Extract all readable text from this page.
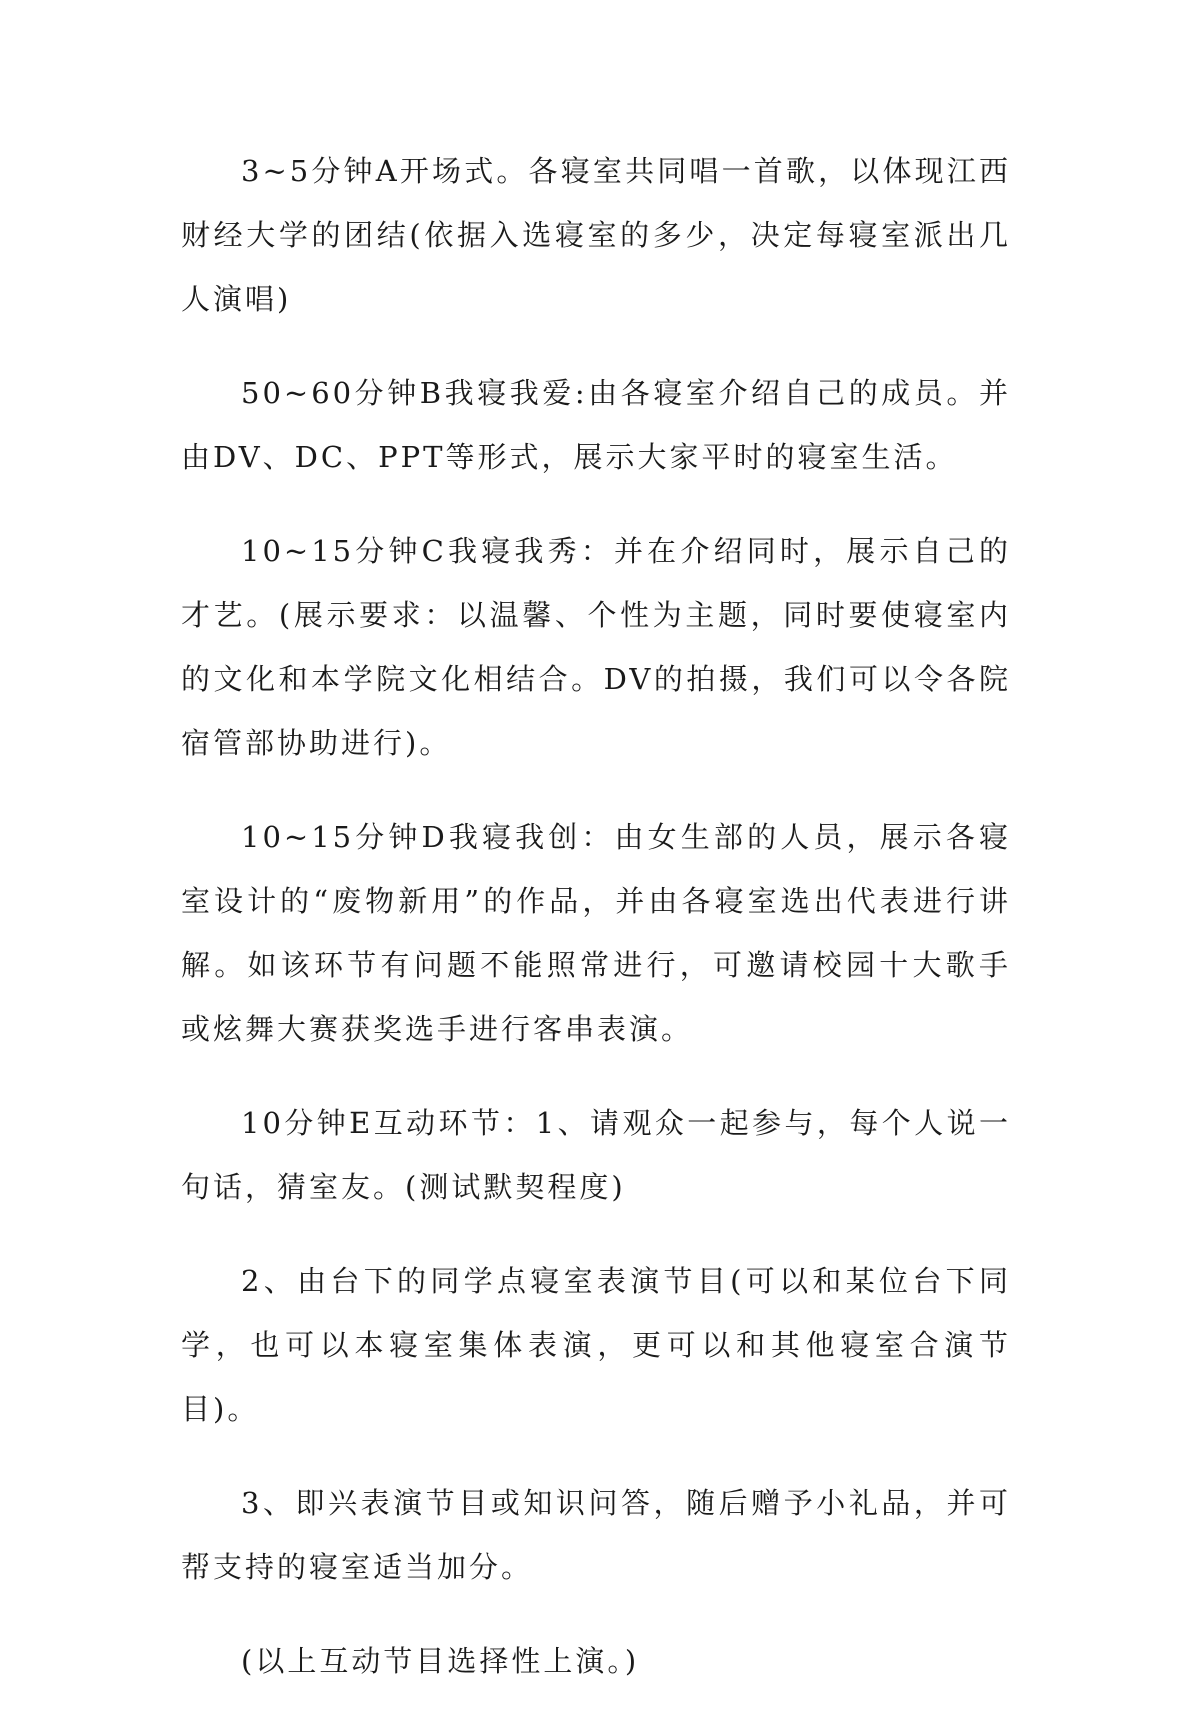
3~5分钟A开场式。各寝室共同唱一首歌，以体现江西财经大学的团结(依据入选寝室的多少，决定每寝室派出几人演唱)

50~60分钟B我寝我爱:由各寝室介绍自己的成员。并由DV、DC、PPT等形式，展示大家平时的寝室生活。

10~15分钟C我寝我秀：并在介绍同时，展示自己的才艺。(展示要求：以温馨、个性为主题，同时要使寝室内的文化和本学院文化相结合。DV的拍摄，我们可以令各院宿管部协助进行)。

10~15分钟D我寝我创：由女生部的人员，展示各寝室设计的“废物新用”的作品，并由各寝室选出代表进行讲解。如该环节有问题不能照常进行，可邀请校园十大歌手或炫舞大赛获奖选手进行客串表演。

10分钟E互动环节：1、请观众一起参与，每个人说一句话，猜室友。(测试默契程度)

2、由台下的同学点寝室表演节目(可以和某位台下同学，也可以本寝室集体表演，更可以和其他寝室合演节目)。

3、即兴表演节目或知识问答，随后赠予小礼品，并可帮支持的寝室适当加分。

(以上互动节目选择性上演。)
